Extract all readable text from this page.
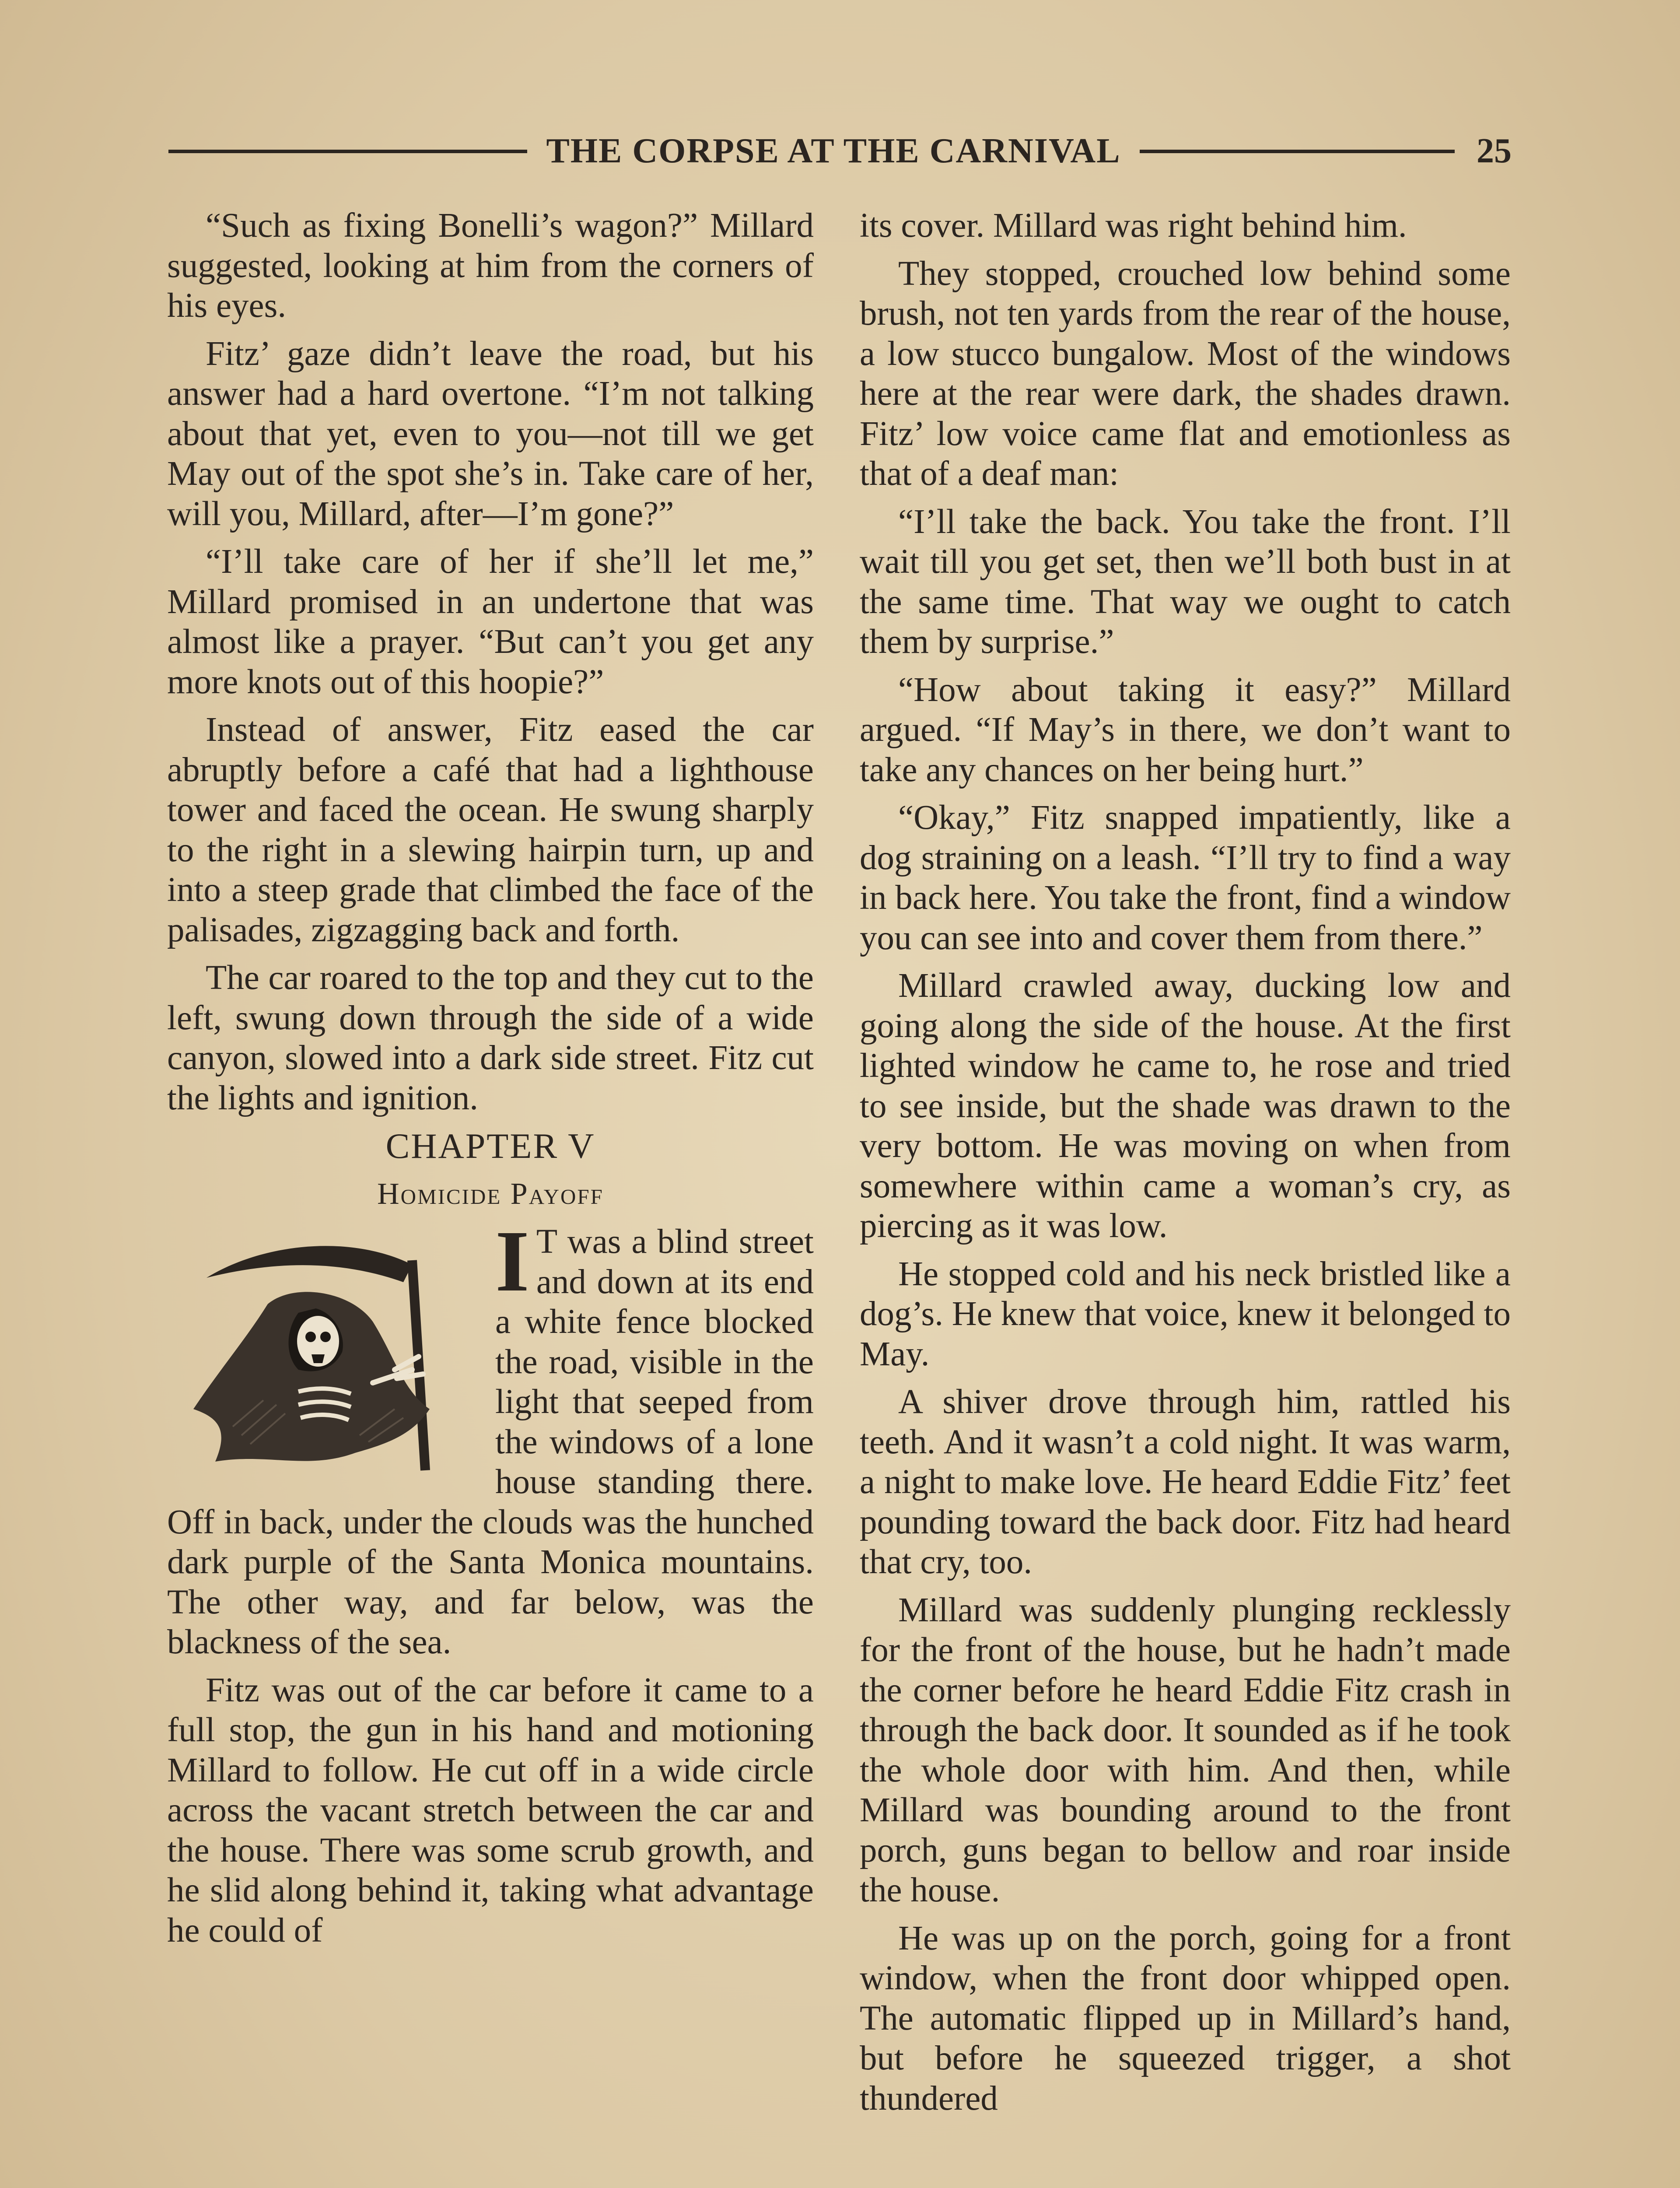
THE CORPSE AT THE CARNIVAL	25

“Such as fixing Bonelli’s wagon?” Millard suggested, looking at him from the corners of his eyes.

Fitz’ gaze didn’t leave the road, but his answer had a hard overtone. “I’m not talking about that yet, even to you—not till we get May out of the spot she’s in. Take care of her, will you, Millard, after—I’m gone?”

“I’ll take care of her if she’ll let me,” Millard promised in an undertone that was almost like a prayer. “But can’t you get any more knots out of this hoopie?”

Instead of answer, Fitz eased the car abruptly before a café that had a lighthouse tower and faced the ocean. He swung sharply to the right in a slewing hairpin turn, up and into a steep grade that climbed the face of the palisades, zigzagging back and forth.

The car roared to the top and they cut to the left, swung down through the side of a wide canyon, slowed into a dark side street. Fitz cut the lights and ignition.

CHAPTER V

Homicide Payoff

I T was a blind street and down at its end a white fence blocked the road, visible in the light that seeped from the windows of a lone house standing there. Off in back, under the clouds was the hunched dark purple of the Santa Monica mountains. The other way, and far below, was the blackness of the sea.

Fitz was out of the car before it came to a full stop, the gun in his hand and motioning Millard to follow. He cut off in a wide circle across the vacant stretch between the car and the house. There was some scrub growth, and he slid along behind it, taking what advantage he could of

its cover. Millard was right behind him.

They stopped, crouched low behind some brush, not ten yards from the rear of the house, a low stucco bungalow. Most of the windows here at the rear were dark, the shades drawn. Fitz’ low voice came flat and emotionless as that of a deaf man:

“I’ll take the back. You take the front. I’ll wait till you get set, then we’ll both bust in at the same time. That way we ought to catch them by surprise.”

“How about taking it easy?” Millard argued. “If May’s in there, we don’t want to take any chances on her being hurt.”

“Okay,” Fitz snapped impatiently, like a dog straining on a leash. “I’ll try to find a way in back here. You take the front, find a window you can see into and cover them from there.”

Millard crawled away, ducking low and going along the side of the house. At the first lighted window he came to, he rose and tried to see inside, but the shade was drawn to the very bottom. He was moving on when from somewhere within came a woman’s cry, as piercing as it was low.

He stopped cold and his neck bristled like a dog’s. He knew that voice, knew it belonged to May.

A shiver drove through him, rattled his teeth. And it wasn’t a cold night. It was warm, a night to make love. He heard Eddie Fitz’ feet pounding toward the back door. Fitz had heard that cry, too.

Millard was suddenly plunging recklessly for the front of the house, but he hadn’t made the corner before he heard Eddie Fitz crash in through the back door. It sounded as if he took the whole door with him. And then, while Millard was bounding around to the front porch, guns began to bellow and roar inside the house.

He was up on the porch, going for a front window, when the front door whipped open. The automatic flipped up in Millard’s hand, but before he squeezed trigger, a shot thundered
